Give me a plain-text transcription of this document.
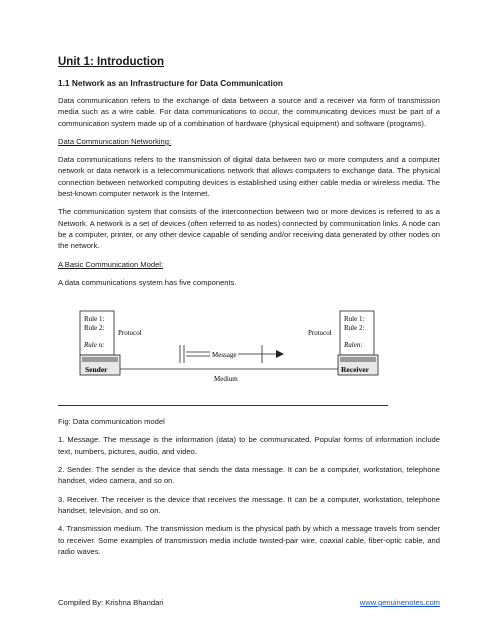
Unit 1: Introduction
1.1 Network as an Infrastructure for Data Communication

Data communication refers to the exchange of data between a source and a receiver via form of transmission media such as a wire cable. For data communications to occur, the communicating devices must be part of a communication system made up of a combination of hardware (physical equipment) and software (programs).

Data Communication Networking:

Data communications refers to the transmission of digital data between two or more computers and a computer network or data network is a telecommunications network that allows computers to exchange data. The physical connection between networked computing devices is established using either cable media or wireless media. The best-known computer network is the Internet.

The communication system that consists of the interconnection between two or more devices is referred to as a Network. A network is a set of devices (often referred to as nodes) connected by communication links. A node can be a computer, printer, or any other device capable of sending and/or receiving data generated by other nodes on the network.

A Basic Communication Model:

A data communications system has five components.

Rule 1:
Rule 2:
Rule n:
Sender
Protocol
Rule 1:
Rule 2:
Rulen:
Receiver
Protocol
Message
Medium

Fig: Data communication model

1. Message. The message is the information (data) to be communicated. Popular forms of information include text, numbers, pictures, audio, and video.

2. Sender. The sender is the device that sends the data message. It can be a computer, workstation, telephone handset, video camera, and so on.

3. Receiver. The receiver is the device that receives the message. It can be a computer, workstation, telephone handset, television, and so on.

4. Transmission medium. The transmission medium is the physical path by which a message travels from sender to receiver. Some examples of transmission media include twisted-pair wire, coaxial cable, fiber-optic cable, and radio waves.

Compiled By: Krishna Bhandari	www.genuinenotes.com
